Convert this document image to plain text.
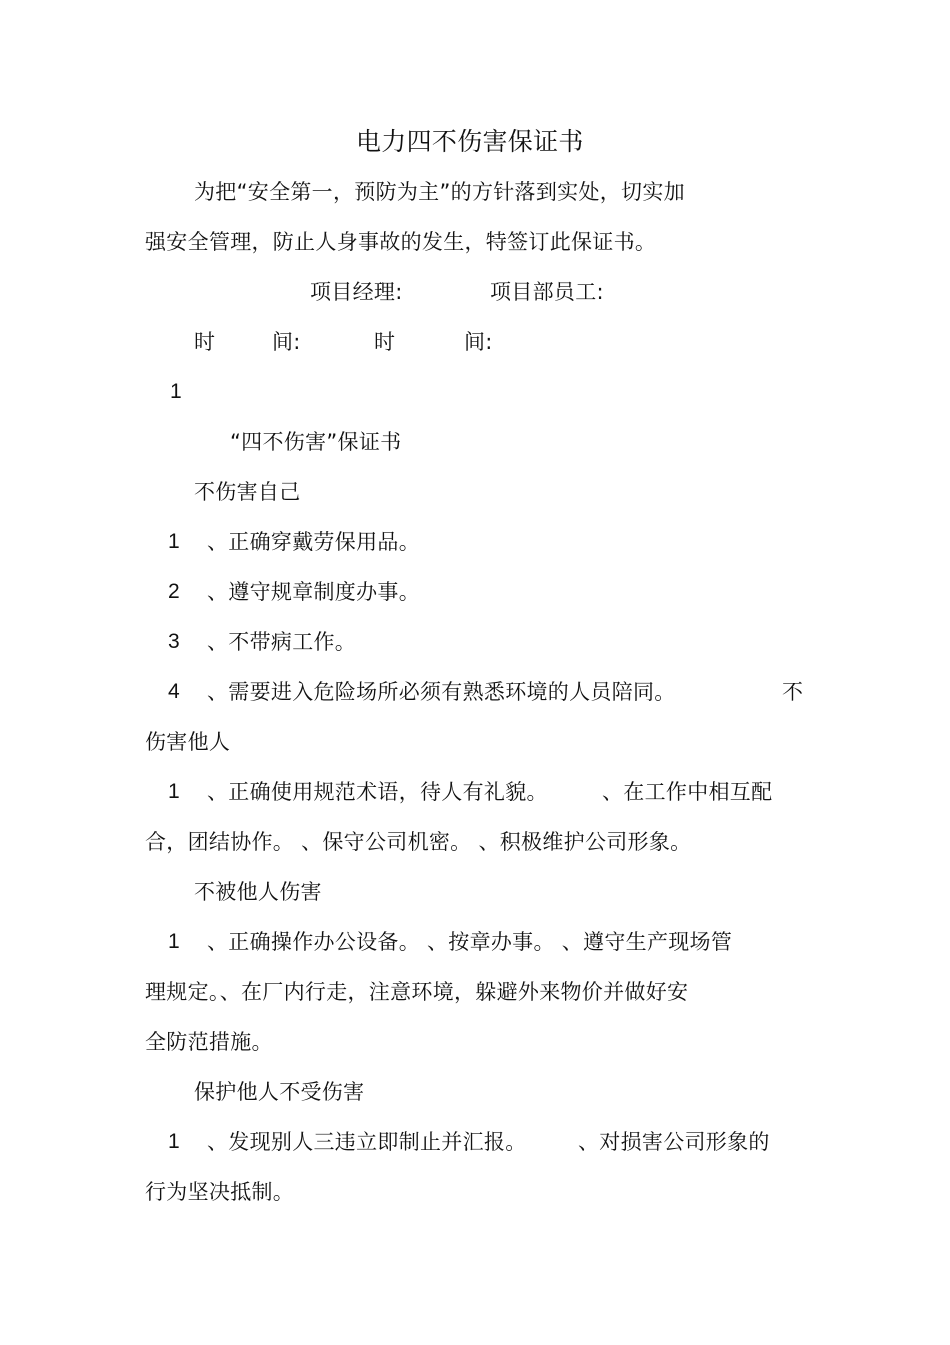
电力四不伤害保证书
为把“安全第一，预防为主”的方针落到实处，切实加
强安全管理，防止人身事故的发生，特签订此保证书。
项目经理:	项目部员工:
时	间:	时	间:
1
“四不伤害”保证书
不伤害自己
1 、正确穿戴劳保用品。
2 、遵守规章制度办事。
3 、不带病工作。
4 、需要进入危险场所必须有熟悉环境的人员陪同。	不
伤害他人
1 、正确使用规范术语，待人有礼貌。	、在工作中相互配
合，团结协作。 、保守公司机密。 、积极维护公司形象。
不被他人伤害
1 、正确操作办公设备。 、按章办事。 、遵守生产现场管
理规定。、在厂内行走，注意环境，躲避外来物价并做好安
全防范措施。
保护他人不受伤害
1 、发现别人三违立即制止并汇报。 、对损害公司形象的
行为坚决抵制。
